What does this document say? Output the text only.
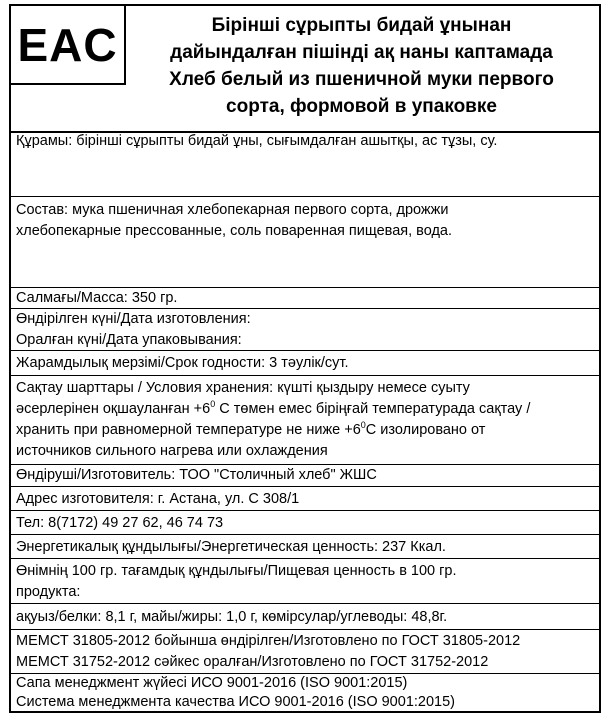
EAC	Бірінші сұрыпты бидай ұнынан
дайындалған пішінді ақ наны каптамада
Хлеб белый из пшеничной муки первого
сорта, формовой в упаковке
Құрамы: бірінші сұрыпты бидай ұны, сығымдалған ашытқы, ас тұзы, су.
Состав: мука пшеничная хлебопекарная первого сорта, дрожжи
хлебопекарные прессованные, соль поваренная пищевая, вода.
Салмағы/Масса: 350 гр.
Өндірілген күні/Дата изготовления:
Оралған күні/Дата упаковывания:
Жарамдылық мерзімі/Срок годности: 3 тәулік/сут.
Сақтау шарттары / Условия хранения: күшті қыздыру немесе суыту
әсерлерінен оқшауланған $+6^0$ С төмен емес біріңғай температурада сақтау /
хранить при равномерной температуре не ниже $+6^0С$ изолировано от
источников сильного нагрева или охлаждения
Өндіруші/Изготовитель: ТОО "Столичный хлеб" ЖШС
Адрес изготовителя: г. Астана, ул. С 308/1
Тел: 8(7172) 49 27 62, 46 74 73
Энергетикалық құндылығы/Энергетическая ценность: 237 Ккал.
Өнімнің 100 гр. тағамдық құндылығы/Пищевая ценность в 100 гр.
продукта:
ақуыз/белки: 8,1 г, майы/жиры: 1,0 г, көмірсулар/углеводы: 48,8г.
МЕМСТ 31805-2012 бойынша өндірілген/Изготовлено по ГОСТ 31805-2012
МЕМСТ 31752-2012 сәйкес оралған/Изготовлено по ГОСТ 31752-2012
Сапа менеджмент жүйесі ИСО 9001-2016 (ISO 9001:2015)
Система менеджмента качества ИСО 9001-2016 (ISO 9001:2015)
